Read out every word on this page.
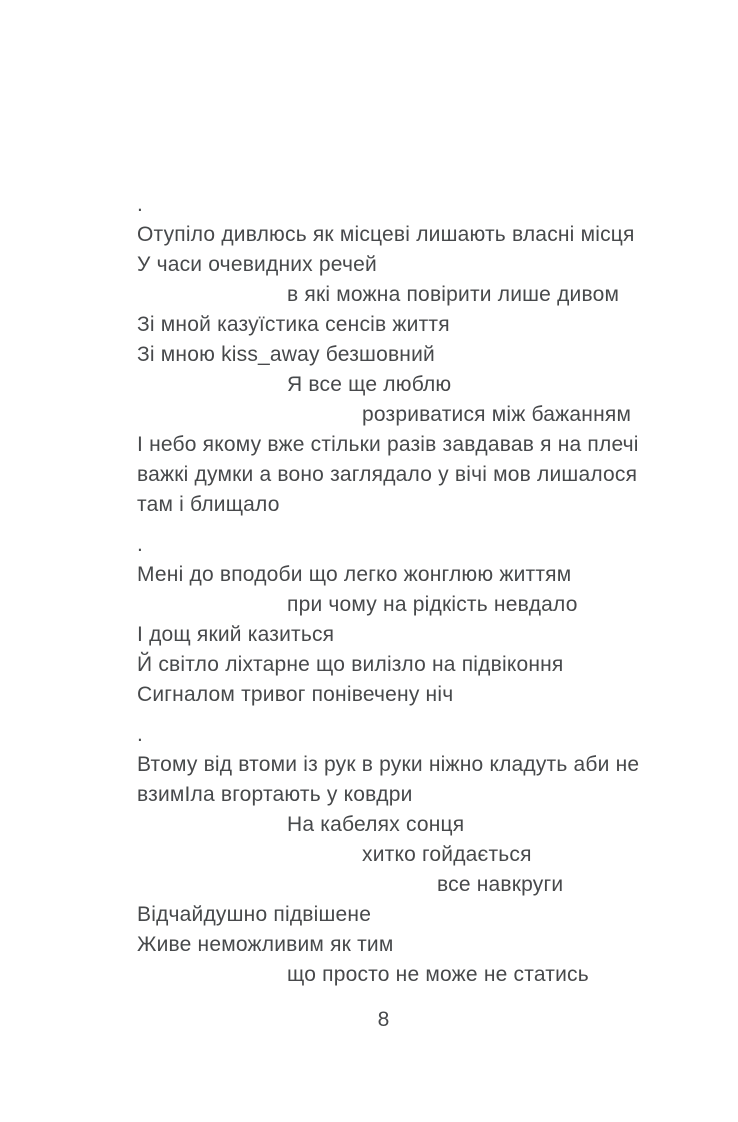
.
Отупіло дивлюсь як місцеві лишають власні місця
У часи очевидних речей
в які можна повірити лише дивом
Зі мной казуїстика сенсів життя
Зі мною kiss_away безшовний
Я все ще люблю
розриватися між бажанням
І небо якому вже стільки разів завдавав я на плечі
важкі думки а воно заглядало у вічі мов лишалося
там і блищало
.
Мені до вподоби що легко жонглюю життям
при чому на рідкість невдало
І дощ який казиться
Й світло ліхтарне що вилізло на підвіконня
Сигналом тривог понівечену ніч
.
Втому від втоми із рук в руки ніжно кладуть аби не
взимІла вгортають у ковдри
На кабелях сонця
хитко гойдається
все навкруги
Відчайдушно підвішене
Живе неможливим як тим
що просто не може не статись
8
